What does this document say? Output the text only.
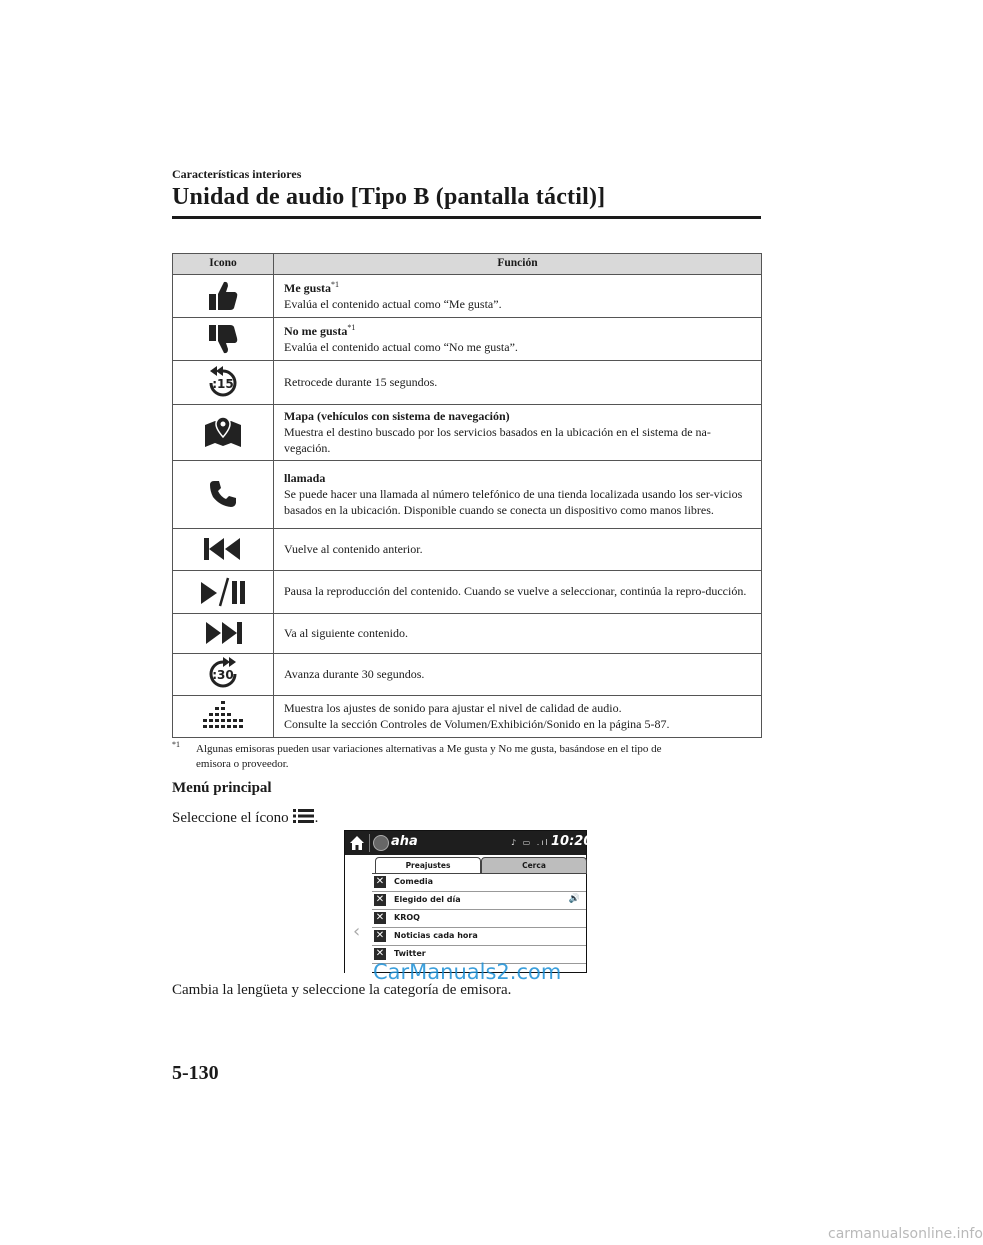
Características interiores
Unidad de audio [Tipo B (pantalla táctil)]
Icono	Función

Me gusta$^{*1}$
Evalúa el contenido actual como “Me gusta”.

No me gusta$^{*1}$
Evalúa el contenido actual como “No me gusta”.

:15	Retrocede durante 15 segundos.

Mapa (vehículos con sistema de navegación)
Muestra el destino buscado por los servicios basados en la ubicación en el sistema de na-vegación.

llamada
Se puede hacer una llamada al número telefónico de una tienda localizada usando los ser-vicios basados en la ubicación. Disponible cuando se conecta un dispositivo como manos libres.

Vuelve al contenido anterior.

Pausa la reproducción del contenido. Cuando se vuelve a seleccionar, continúa la repro-ducción.

Va al siguiente contenido.

:30	Avanza durante 30 segundos.

Muestra los ajustes de sonido para ajustar el nivel de calidad de audio.
Consulte la sección Controles de Volumen/Exhibición/Sonido en la página 5-87.
$^{*1}$ Algunas emisoras pueden usar variaciones alternativas a Me gusta y No me gusta, basándose en el tipo de
emisora o proveedor.
Menú principal
Seleccione el ícono .
aha	♪ ▭ .ıl 10:20
‹
Preajustes	Cerca
✕ Comedia
✕ Elegido del día	🔊
✕ KROQ
✕ Noticias cada hora
✕ Twitter
CarManuals2.com
Cambia la lengüeta y seleccione la categoría de emisora.
5-130
carmanualsonline.info
